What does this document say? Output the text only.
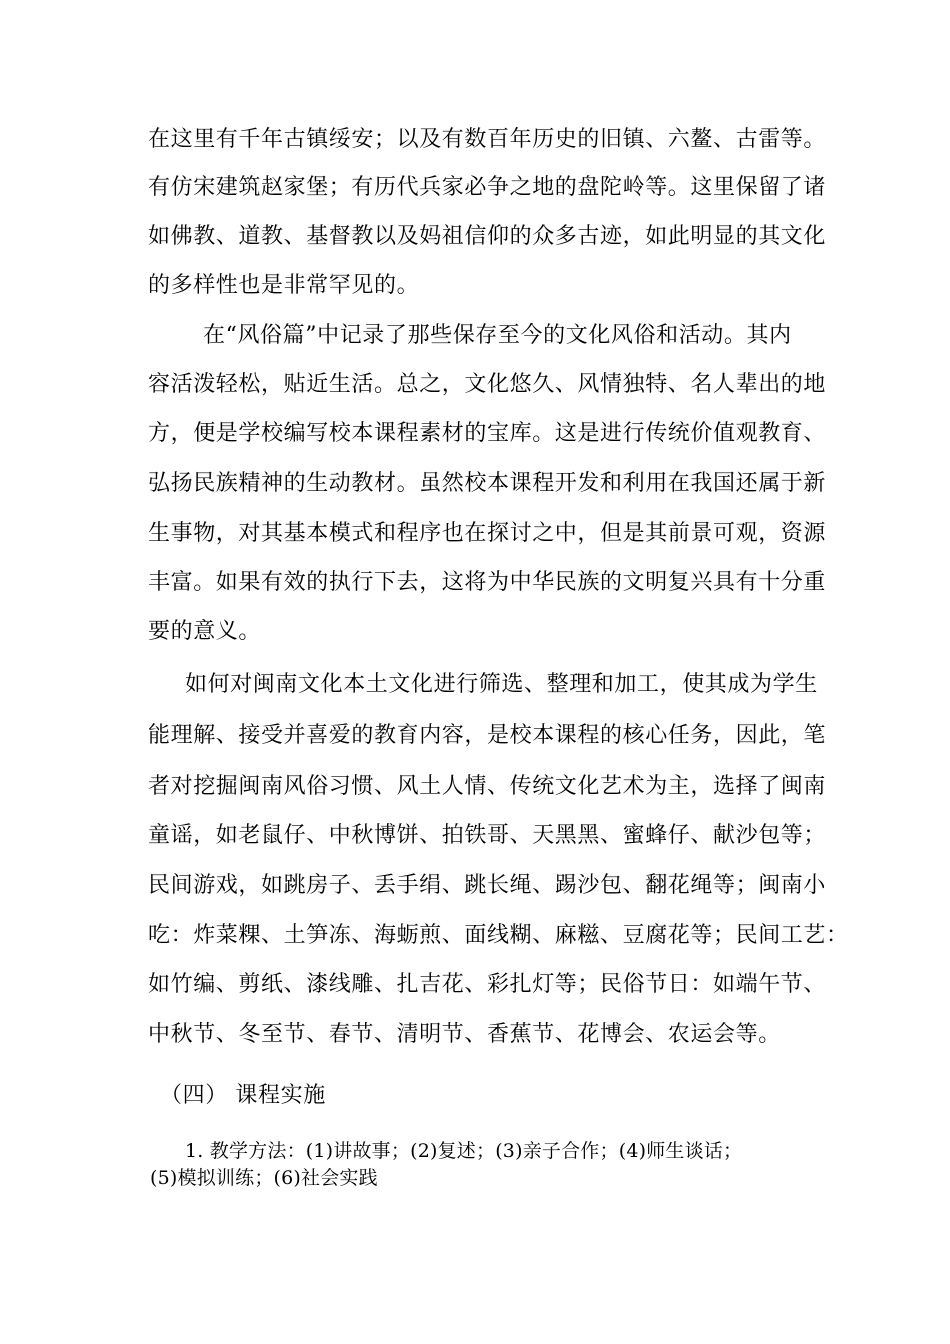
在这里有千年古镇绥安；以及有数百年历史的旧镇、六鳌、古雷等。
有仿宋建筑赵家堡；有历代兵家必争之地的盘陀岭等。这里保留了诸
如佛教、道教、基督教以及妈祖信仰的众多古迹，如此明显的其文化
的多样性也是非常罕见的。
在“风俗篇”中记录了那些保存至今的文化风俗和活动。其内
容活泼轻松，贴近生活。总之，文化悠久、风情独特、名人辈出的地
方，便是学校编写校本课程素材的宝库。这是进行传统价值观教育、
弘扬民族精神的生动教材。虽然校本课程开发和利用在我国还属于新
生事物，对其基本模式和程序也在探讨之中，但是其前景可观，资源
丰富。如果有效的执行下去，这将为中华民族的文明复兴具有十分重
要的意义。
如何对闽南文化本土文化进行筛选、整理和加工，使其成为学生
能理解、接受并喜爱的教育内容，是校本课程的核心任务，因此，笔
者对挖掘闽南风俗习惯、风土人情、传统文化艺术为主，选择了闽南
童谣，如老鼠仔、中秋博饼、拍铁哥、天黑黑、蜜蜂仔、献沙包等；
民间游戏，如跳房子、丢手绢、跳长绳、踢沙包、翻花绳等；闽南小
吃：炸菜粿、土笋冻、海蛎煎、面线糊、麻糍、豆腐花等；民间工艺：
如竹编、剪纸、漆线雕、扎吉花、彩扎灯等；民俗节日：如端午节、
中秋节、冬至节、春节、清明节、香蕉节、花博会、农运会等。
（四） 课程实施
1. 教学方法：(1)讲故事；(2)复述；(3)亲子合作；(4)师生谈话；
(5)模拟训练；(6)社会实践
